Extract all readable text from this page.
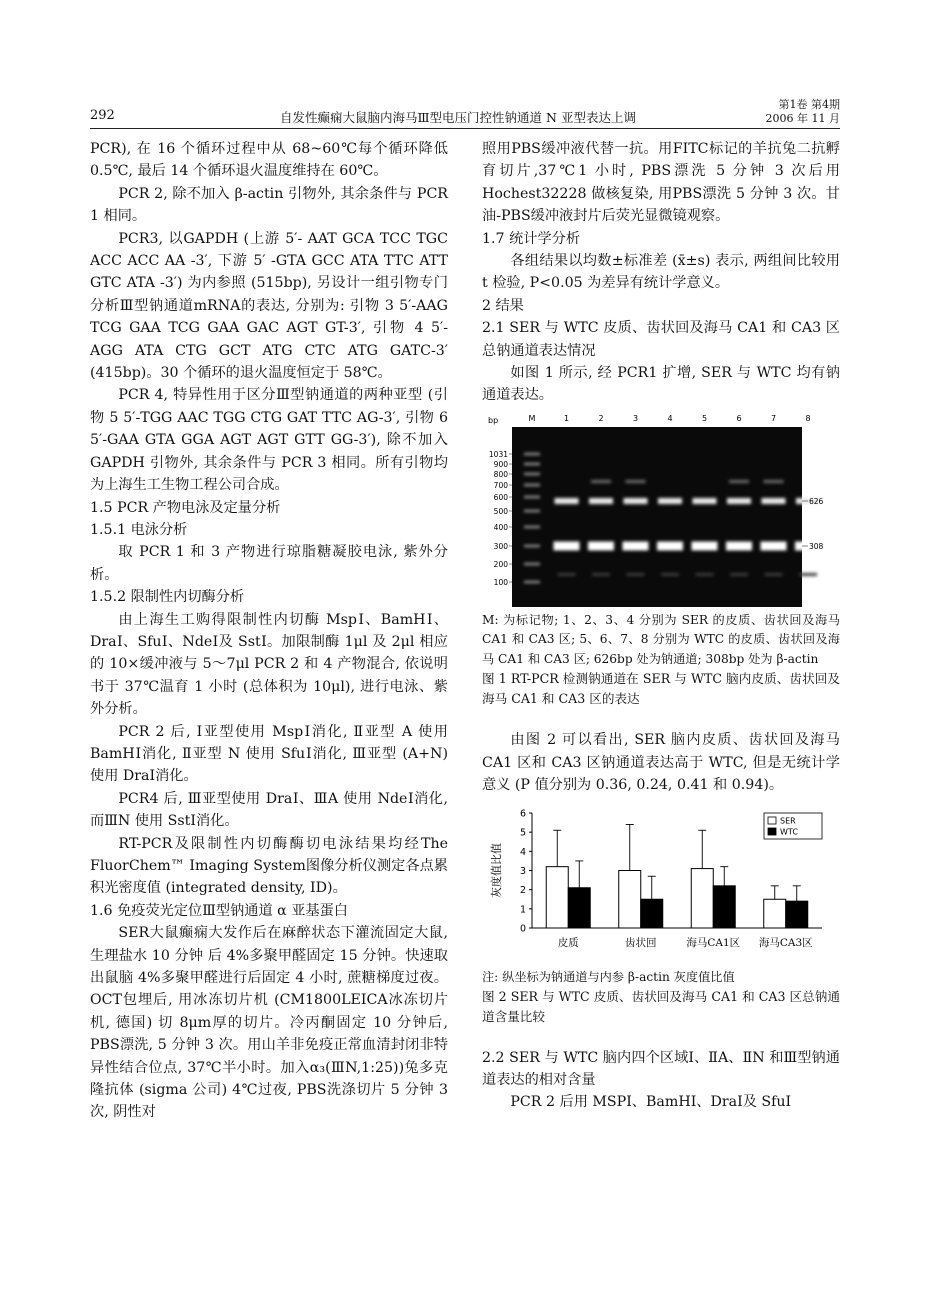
292	自发性癫痫大鼠脑内海马Ⅲ型电压门控性钠通道 N 亚型表达上调
第1卷 第4期
2006 年 11 月

PCR), 在 16 个循环过程中从 68~60℃每个循环降低 0.5℃, 最后 14 个循环退火温度维持在 60℃。

PCR 2, 除不加入 β-actin 引物外, 其余条件与 PCR 1 相同。

PCR3, 以GAPDH (上游 5′- AAT GCA TCC TGC ACC ACC AA -3′, 下游 5′ -GTA GCC ATA TTC ATT GTC ATA -3′) 为内参照 (515bp), 另设计一组引物专门分析Ⅲ型钠通道mRNA的表达, 分别为: 引物 3 5′-AAG TCG GAA TCG GAA GAC AGT GT-3′, 引物 4 5′-AGG ATA CTG GCT ATG CTC ATG GATC-3′ (415bp)。30 个循环的退火温度恒定于 58℃。

PCR 4, 特异性用于区分Ⅲ型钠通道的两种亚型 (引物 5 5′-TGG AAC TGG CTG GAT TTC AG-3′, 引物 6 5′-GAA GTA GGA AGT AGT GTT GG-3′), 除不加入 GAPDH 引物外, 其余条件与 PCR 3 相同。所有引物均为上海生工生物工程公司合成。

1.5 PCR 产物电泳及定量分析

1.5.1 电泳分析

取 PCR 1 和 3 产物进行琼脂糖凝胶电泳, 紫外分析。

1.5.2 限制性内切酶分析

由上海生工购得限制性内切酶 MspⅠ、BamHⅠ、DraⅠ、SfuⅠ、NdeⅠ及 SstⅠ。加限制酶 1μl 及 2μl 相应的 10×缓冲液与 5～7μl PCR 2 和 4 产物混合, 依说明书于 37℃温育 1 小时 (总体积为 10μl), 进行电泳、紫外分析。

PCR 2 后, Ⅰ亚型使用 MspⅠ消化, Ⅱ亚型 A 使用 BamHⅠ消化, Ⅱ亚型 N 使用 SfuⅠ消化, Ⅲ亚型 (A+N) 使用 DraⅠ消化。

PCR4 后, Ⅲ亚型使用 DraⅠ、ⅢA 使用 NdeⅠ消化, 而ⅢN 使用 SstⅠ消化。

RT-PCR及限制性内切酶酶切电泳结果均经The FluorChem™ Imaging System图像分析仪测定各点累积光密度值 (integrated density, ID)。

1.6 免疫荧光定位Ⅲ型钠通道 α 亚基蛋白

SER大鼠癫痫大发作后在麻醉状态下灌流固定大鼠, 生理盐水 10 分钟 后 4%多聚甲醛固定 15 分钟。快速取出鼠脑 4%多聚甲醛进行后固定 4 小时, 蔗糖梯度过夜。OCT包埋后, 用冰冻切片机 (CM1800LEICA冰冻切片机, 德国) 切 8μm厚的切片。冷丙酮固定 10 分钟后, PBS漂洗, 5 分钟 3 次。用山羊非免疫正常血清封闭非特异性结合位点, 37℃半小时。加入α₃(ⅢN,1:25))兔多克隆抗体 (sigma 公司) 4℃过夜, PBS洗涤切片 5 分钟 3 次, 阴性对

照用PBS缓冲液代替一抗。用FITC标记的羊抗兔二抗孵育切片,37℃1 小时, PBS漂洗 5 分钟 3 次后用 Hochest32228 做核复染, 用PBS漂洗 5 分钟 3 次。甘油-PBS缓冲液封片后荧光显微镜观察。

1.7 统计学分析

各组结果以均数±标准差 (x̄±s) 表示, 两组间比较用 t 检验, P<0.05 为差异有统计学意义。

2 结果

2.1 SER 与 WTC 皮质、齿状回及海马 CA1 和 CA3 区总钠通道表达情况

如图 1 所示, 经 PCR1 扩增, SER 与 WTC 均有钠通道表达。

bp	M	1	2	3	4	5	6	7	8
1031
900
800
700
600
500
400
300
200
100
626
308

M: 为标记物; 1、2、3、4 分别为 SER 的皮质、齿状回及海马 CA1 和 CA3 区; 5、6、7、8 分别为 WTC 的皮质、齿状回及海马 CA1 和 CA3 区; 626bp 处为钠通道; 308bp 处为 β-actin

图 1 RT-PCR 检测钠通道在 SER 与 WTC 脑内皮质、齿状回及海马 CA1 和 CA3 区的表达

由图 2 可以看出, SER 脑内皮质、齿状回及海马 CA1 区和 CA3 区钠通道表达高于 WTC, 但是无统计学意义 (P 值分别为 0.36, 0.24, 0.41 和 0.94)。

灰度值比值
0
1
2
3
4
5
6
皮质	齿状回	海马CA1区 海马CA3区
SER
WTC

注: 纵坐标为钠通道与内参 β-actin 灰度值比值

图 2 SER 与 WTC 皮质、齿状回及海马 CA1 和 CA3 区总钠通道含量比较

2.2 SER 与 WTC 脑内四个区域Ⅰ、ⅡA、ⅡN 和Ⅲ型钠通道表达的相对含量

PCR 2 后用 MSPⅠ、BamHⅠ、DraⅠ及 SfuⅠ
